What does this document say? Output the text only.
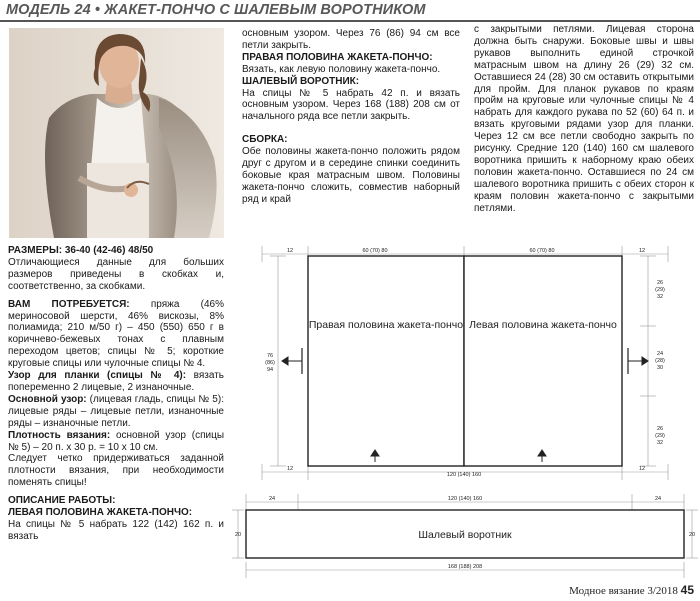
МОДЕЛЬ 24 • ЖАКЕТ-ПОНЧО С ШАЛЕВЫМ ВОРОТНИКОМ

РАЗМЕРЫ: 36-40 (42-46) 48/50

Отличающиеся данные для больших размеров приведены в скобках и, соответственно, за скобками.

ВАМ ПОТРЕБУЕТСЯ: пряжа (46% мериносовой шерсти, 46% вискозы, 8% полиамида; 210 м/50 г) – 450 (550) 650 г в коричнево-бежевых тонах с плавным переходом цветов; спицы № 5; короткие круговые спицы или чулочные спицы № 4.

Узор для планки (спицы № 4): вязать попеременно 2 лицевые, 2 изнаночные.

Основной узор: (лицевая гладь, спицы № 5): лицевые ряды – лицевые петли, изнаночные ряды – изнаночные петли.

Плотность вязания: основной узор (спицы № 5) – 20 п. х 30 р. = 10 х 10 см.

Следует четко придерживаться заданной плотности вязания, при необходимости поменять спицы!

ОПИСАНИЕ РАБОТЫ:

ЛЕВАЯ ПОЛОВИНА ЖАКЕТА-ПОНЧО:

На спицы № 5 набрать 122 (142) 162 п. и вязать

основным узором. Через 76 (86) 94 см все петли закрыть.

ПРАВАЯ ПОЛОВИНА ЖАКЕТА-ПОНЧО:

Вязать, как левую половину жакета-пончо.

ШАЛЕВЫЙ ВОРОТНИК:

На спицы № 5 набрать 42 п. и вязать основным узором. Через 168 (188) 208 см от начального ряда все петли закрыть.

СБОРКА:

Обе половины жакета-пончо положить рядом друг с другом и в середине спинки соединить боковые края матрасным швом. Половины жакета-пончо сложить, совместив наборный ряд и край

с закрытыми петлями. Лицевая сторона должна быть снаружи. Боковые швы и швы рукавов выполнить единой строчкой матрасным швом на длину 26 (29) 32 см. Оставшиеся 24 (28) 30 см оставить открытыми для пройм. Для планок рукавов по краям пройм на круговые или чулочные спицы № 4 набрать для каждого рукава по 52 (60) 64 п. и вязать круговыми рядами узор для планки. Через 12 см все петли свободно закрыть по рисунку. Средние 120 (140) 160 см шалевого воротника пришить к наборному краю обеих половин жакета-пончо. Оставшиеся по 24 см шалевого воротника пришить с обеих сторон к краям половин жакета-пончо с закрытыми петлями.

Правая половина жакета-пончо Левая половина жакета-пончо
Шалевый воротник
12	60 (70) 80	60 (70) 80	12
12
120 (140) 160
12
76
(86)
94
26
(29)
32
24
(28)
30
26
(29)
32
24	120 (140) 160	24
168 (188) 208
20	20
Модное вязание 3/2018 45
